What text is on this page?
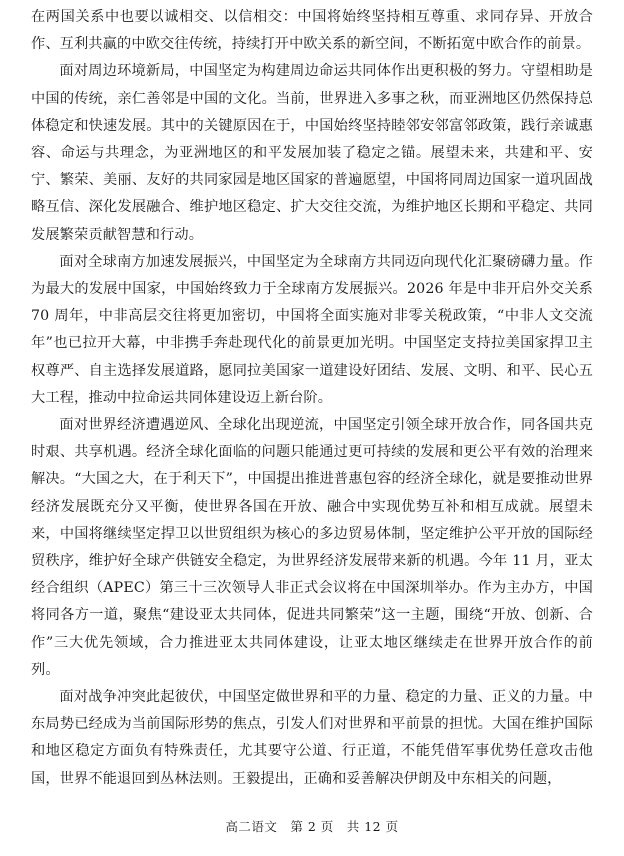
在两国关系中也要以诚相交、以信相交：中国将始终坚持相互尊重、求同存异、开放合作、互利共赢的中欧交往传统，持续打开中欧关系的新空间，不断拓宽中欧合作的前景。

面对周边环境新局，中国坚定为构建周边命运共同体作出更积极的努力。守望相助是中国的传统，亲仁善邻是中国的文化。当前，世界进入多事之秋，而亚洲地区仍然保持总体稳定和快速发展。其中的关键原因在于，中国始终坚持睦邻安邻富邻政策，践行亲诚惠容、命运与共理念，为亚洲地区的和平发展加装了稳定之锚。展望未来，共建和平、安宁、繁荣、美丽、友好的共同家园是地区国家的普遍愿望，中国将同周边国家一道巩固战略互信、深化发展融合、维护地区稳定、扩大交往交流，为维护地区长期和平稳定、共同发展繁荣贡献智慧和行动。

面对全球南方加速发展振兴，中国坚定为全球南方共同迈向现代化汇聚磅礴力量。作为最大的发展中国家，中国始终致力于全球南方发展振兴。2026 年是中非开启外交关系 70 周年，中非高层交往将更加密切，中国将全面实施对非零关税政策，“中非人文交流年”也已拉开大幕，中非携手奔赴现代化的前景更加光明。中国坚定支持拉美国家捍卫主权尊严、自主选择发展道路，愿同拉美国家一道建设好团结、发展、文明、和平、民心五大工程，推动中拉命运共同体建设迈上新台阶。

面对世界经济遭遇逆风、全球化出现逆流，中国坚定引领全球开放合作，同各国共克时艰、共享机遇。经济全球化面临的问题只能通过更可持续的发展和更公平有效的治理来解决。“大国之大，在于利天下”，中国提出推进普惠包容的经济全球化，就是要推动世界经济发展既充分又平衡，使世界各国在开放、融合中实现优势互补和相互成就。展望未来，中国将继续坚定捍卫以世贸组织为核心的多边贸易体制，坚定维护公平开放的国际经贸秩序，维护好全球产供链安全稳定，为世界经济发展带来新的机遇。今年 11 月，亚太经合组织（APEC）第三十三次领导人非正式会议将在中国深圳举办。作为主办方，中国将同各方一道，聚焦“建设亚太共同体，促进共同繁荣”这一主题，围绕“开放、创新、合作”三大优先领域，合力推进亚太共同体建设，让亚太地区继续走在世界开放合作的前列。

面对战争冲突此起彼伏，中国坚定做世界和平的力量、稳定的力量、正义的力量。中东局势已经成为当前国际形势的焦点，引发人们对世界和平前景的担忧。大国在维护国际和地区稳定方面负有特殊责任，尤其要守公道、行正道，不能凭借军事优势任意攻击他国，世界不能退回到丛林法则。王毅提出，正确和妥善解决伊朗及中东相关的问题，

高二语文　第 2 页　共 12 页
